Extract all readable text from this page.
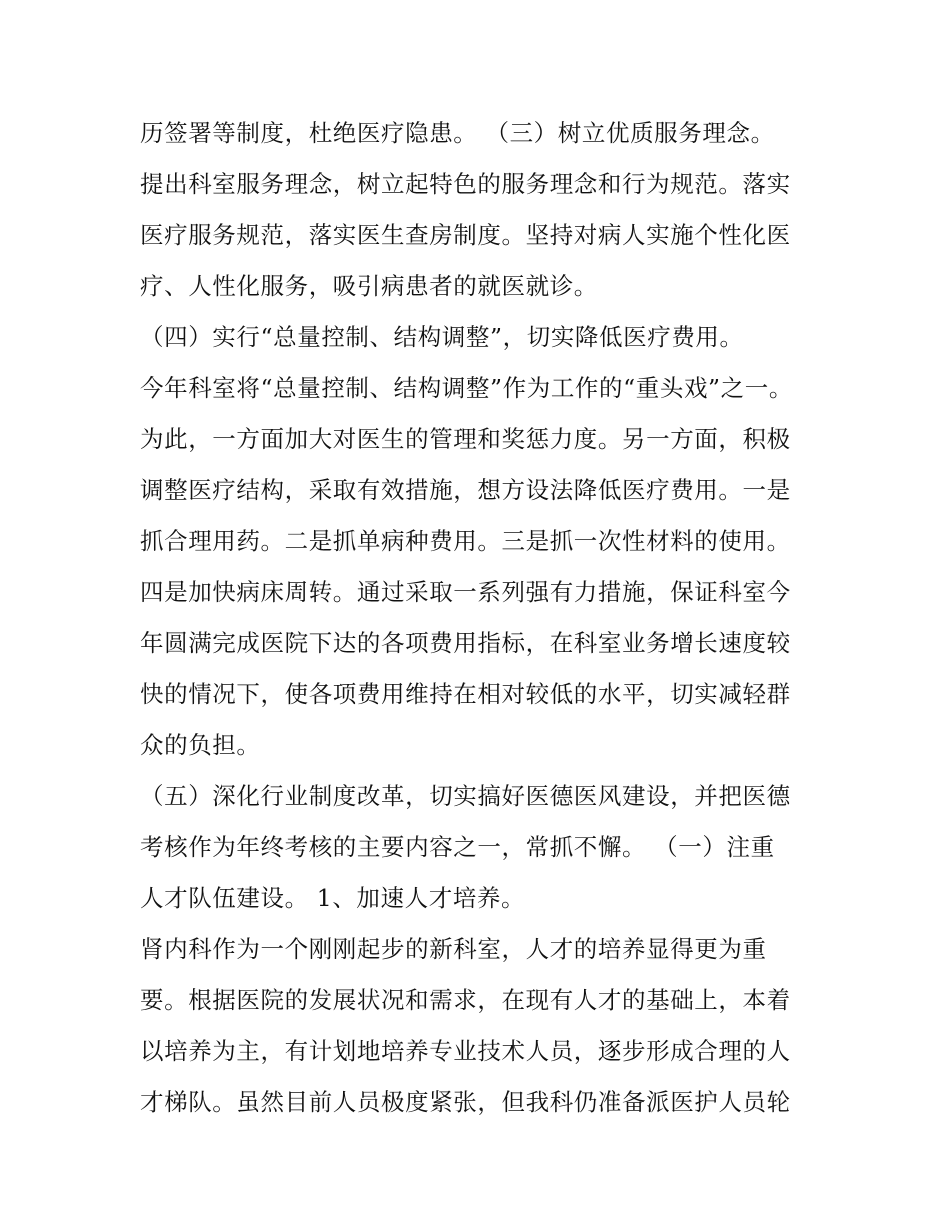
历签署等制度，杜绝医疗隐患。 （三）树立优质服务理念。
提出科室服务理念，树立起特色的服务理念和行为规范。落实
医疗服务规范，落实医生查房制度。坚持对病人实施个性化医
疗、人性化服务，吸引病患者的就医就诊。
（四）实行“总量控制、结构调整”，切实降低医疗费用。
今年科室将“总量控制、结构调整”作为工作的“重头戏”之一。
为此，一方面加大对医生的管理和奖惩力度。另一方面，积极
调整医疗结构，采取有效措施，想方设法降低医疗费用。一是
抓合理用药。二是抓单病种费用。三是抓一次性材料的使用。
四是加快病床周转。通过采取一系列强有力措施，保证科室今
年圆满完成医院下达的各项费用指标，在科室业务增长速度较
快的情况下，使各项费用维持在相对较低的水平，切实减轻群
众的负担。
（五）深化行业制度改革，切实搞好医德医风建设，并把医德
考核作为年终考核的主要内容之一，常抓不懈。 （一）注重
人才队伍建设。 1、加速人才培养。
肾内科作为一个刚刚起步的新科室，人才的培养显得更为重
要。根据医院的发展状况和需求，在现有人才的基础上，本着
以培养为主，有计划地培养专业技术人员，逐步形成合理的人
才梯队。虽然目前人员极度紧张，但我科仍准备派医护人员轮
